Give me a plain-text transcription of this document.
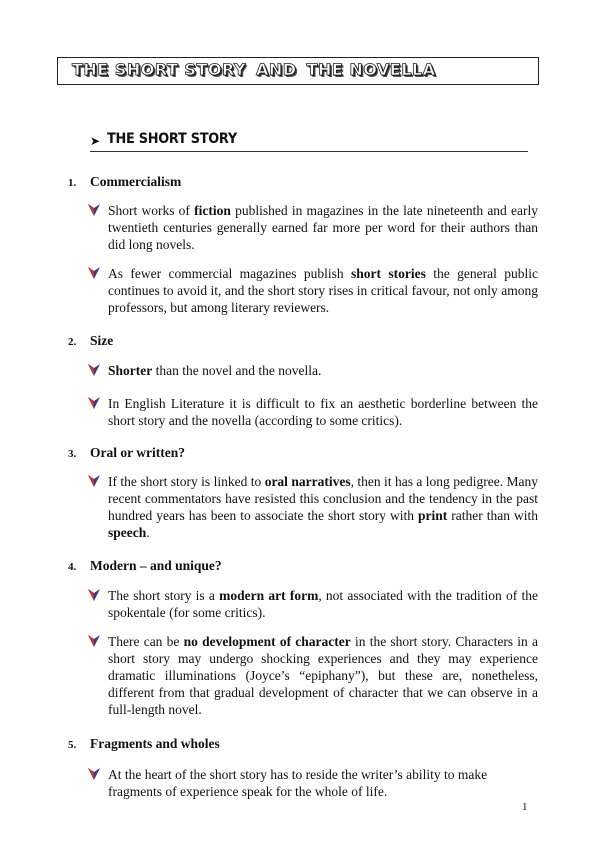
THE SHORT STORY AND THE NOVELLA
➤ THE SHORT STORY
1. Commercialism
Short works of fiction published in magazines in the late nineteenth and early twentieth centuries generally earned far more per word for their authors than did long novels.
As fewer commercial magazines publish short stories the general public continues to avoid it, and the short story rises in critical favour, not only among professors, but among literary reviewers.
2. Size
Shorter than the novel and the novella.
In English Literature it is difficult to fix an aesthetic borderline between the short story and the novella (according to some critics).
3. Oral or written?
If the short story is linked to oral narratives, then it has a long pedigree. Many recent commentators have resisted this conclusion and the tendency in the past hundred years has been to associate the short story with print rather than with speech.
4. Modern – and unique?
The short story is a modern art form, not associated with the tradition of the spokentale (for some critics).
There can be no development of character in the short story. Characters in a short story may undergo shocking experiences and they may experience dramatic illuminations (Joyce’s “epiphany”), but these are, nonetheless, different from that gradual development of character that we can observe in a full-length novel.
5. Fragments and wholes
At the heart of the short story has to reside the writer’s ability to make fragments of experience speak for the whole of life.
1
